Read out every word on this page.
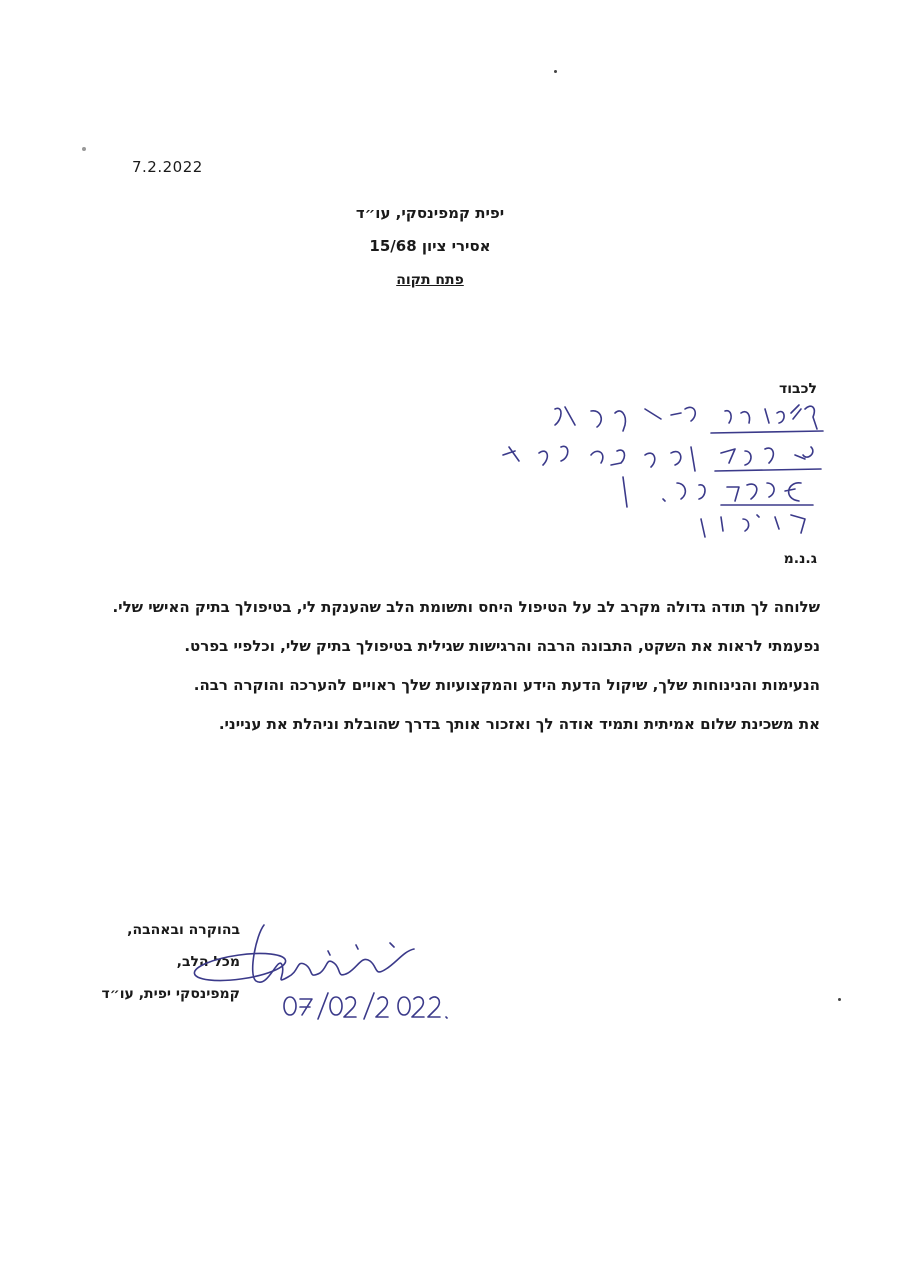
7.2.2022
יפית קמפינסקי, עו״ד
אסירי ציון 15/68
פתח תקוה
לכבוד
ג.נ.מ

שלוחה לך תודה גדולה מקרב לב על הטיפול היחס ותשומת הלב שהענקת לי, בטיפולך בתיק האישי שלי.

נפעמתי לראות את השקט, התבונה הרבה והרגישות שגילית בטיפולך בתיק שלי, וכלפיי בפרט.

הנעימות והנינוחות שלך, שיקול הדעת הידע והמקצועיות שלך ראויים להערכה והוקרה רבה.

את משכינת שלום אמיתית ותמיד אודה לך ואזכור אותך בדרך שהובלת וניהלת את ענייני.

בהוקרה ובאהבה,
מכל הלב,
קמפינסקי יפית, עו״ד
